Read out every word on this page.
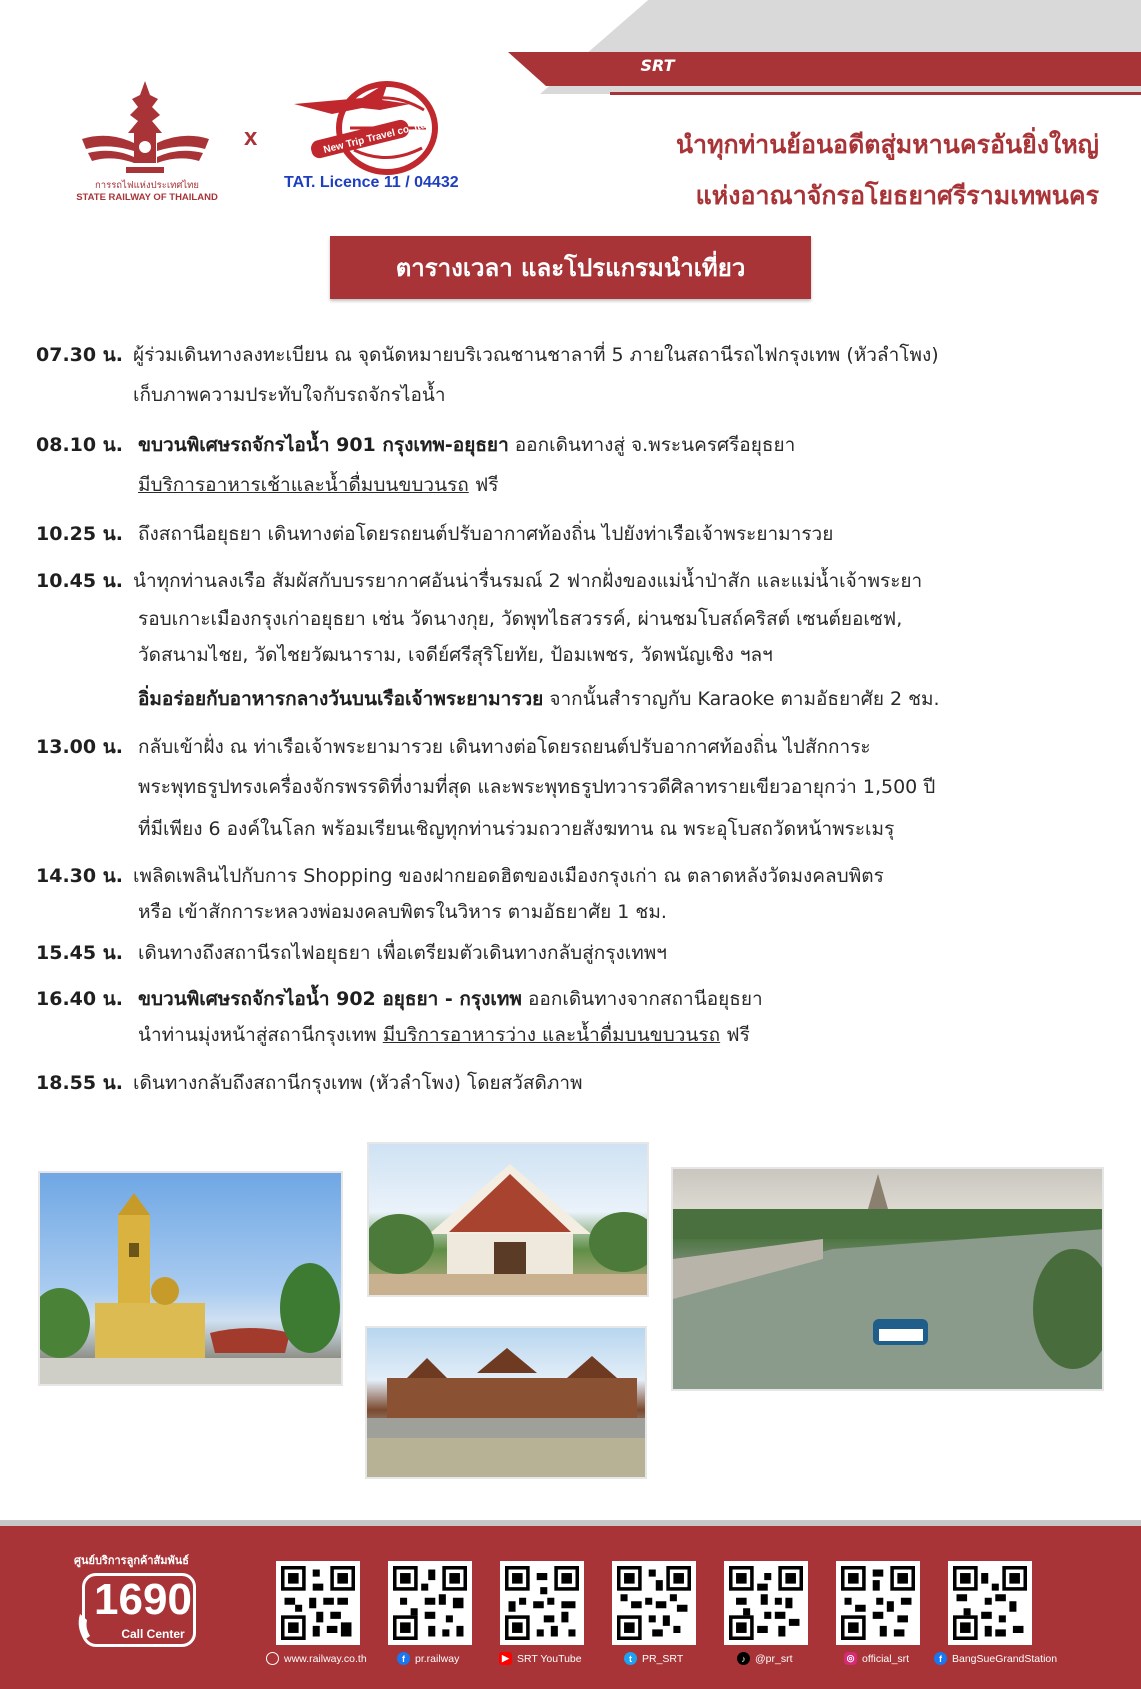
SRT
การรถไฟแห่งประเทศไทย
STATE RAILWAY OF THAILAND
x	New Trip Travel co.,ltd.
TAT. Licence 11 / 04432
นำทุกท่านย้อนอดีตสู่มหานครอันยิ่งใหญ่
แห่งอาณาจักรอโยธยาศรีรามเทพนคร
ตารางเวลา และโปรแกรมนำเที่ยว
07.30 น. ผู้ร่วมเดินทางลงทะเบียน ณ จุดนัดหมายบริเวณชานชาลาที่ 5 ภายในสถานีรถไฟกรุงเทพ (หัวลำโพง)
เก็บภาพความประทับใจกับรถจักรไอน้ำ
08.10 น. ขบวนพิเศษรถจักรไอน้ำ 901 กรุงเทพ-อยุธยา ออกเดินทางสู่ จ.พระนครศรีอยุธยา
มีบริการอาหารเช้าและน้ำดื่มบนขบวนรถ ฟรี
10.25 น. ถึงสถานีอยุธยา เดินทางต่อโดยรถยนต์ปรับอากาศท้องถิ่น ไปยังท่าเรือเจ้าพระยามารวย
10.45 น. นำทุกท่านลงเรือ สัมผัสกับบรรยากาศอันน่ารื่นรมณ์ 2 ฟากฝั่งของแม่น้ำป่าสัก และแม่น้ำเจ้าพระยา
รอบเกาะเมืองกรุงเก่าอยุธยา เช่น วัดนางกุย, วัดพุทไธสวรรค์, ผ่านชมโบสถ์คริสต์ เซนต์ยอเซฟ,
วัดสนามไชย, วัดไชยวัฒนาราม, เจดีย์ศรีสุริโยทัย, ป้อมเพชร, วัดพนัญเชิง ฯลฯ
อิ่มอร่อยกับอาหารกลางวันบนเรือเจ้าพระยามารวย จากนั้นสำราญกับ Karaoke ตามอัธยาศัย 2 ชม.
13.00 น. กลับเข้าฝั่ง ณ ท่าเรือเจ้าพระยามารวย เดินทางต่อโดยรถยนต์ปรับอากาศท้องถิ่น ไปสักการะ
พระพุทธรูปทรงเครื่องจักรพรรดิที่งามที่สุด และพระพุทธรูปทวารวดีศิลาทรายเขียวอายุกว่า 1,500 ปี
ที่มีเพียง 6 องค์ในโลก พร้อมเรียนเชิญทุกท่านร่วมถวายสังฆทาน ณ พระอุโบสถวัดหน้าพระเมรุ
14.30 น. เพลิดเพลินไปกับการ Shopping ของฝากยอดฮิตของเมืองกรุงเก่า ณ ตลาดหลังวัดมงคลบพิตร
หรือ เข้าสักการะหลวงพ่อมงคลบพิตรในวิหาร ตามอัธยาศัย 1 ชม.
15.45 น. เดินทางถึงสถานีรถไฟอยุธยา เพื่อเตรียมตัวเดินทางกลับสู่กรุงเทพฯ
16.40 น. ขบวนพิเศษรถจักรไอน้ำ 902 อยุธยา - กรุงเทพ ออกเดินทางจากสถานีอยุธยา
นำท่านมุ่งหน้าสู่สถานีกรุงเทพ มีบริการอาหารว่าง และน้ำดื่มบนขบวนรถ ฟรี
18.55 น. เดินทางกลับถึงสถานีกรุงเทพ (หัวลำโพง) โดยสวัสดิภาพ
ศูนย์บริการลูกค้าสัมพันธ์
1690
Call Center
www.railway.co.th	f pr.railway	▶ SRT YouTube	t PR_SRT	♪ @pr_srt	◎ official_srt	f BangSueGrandStation
